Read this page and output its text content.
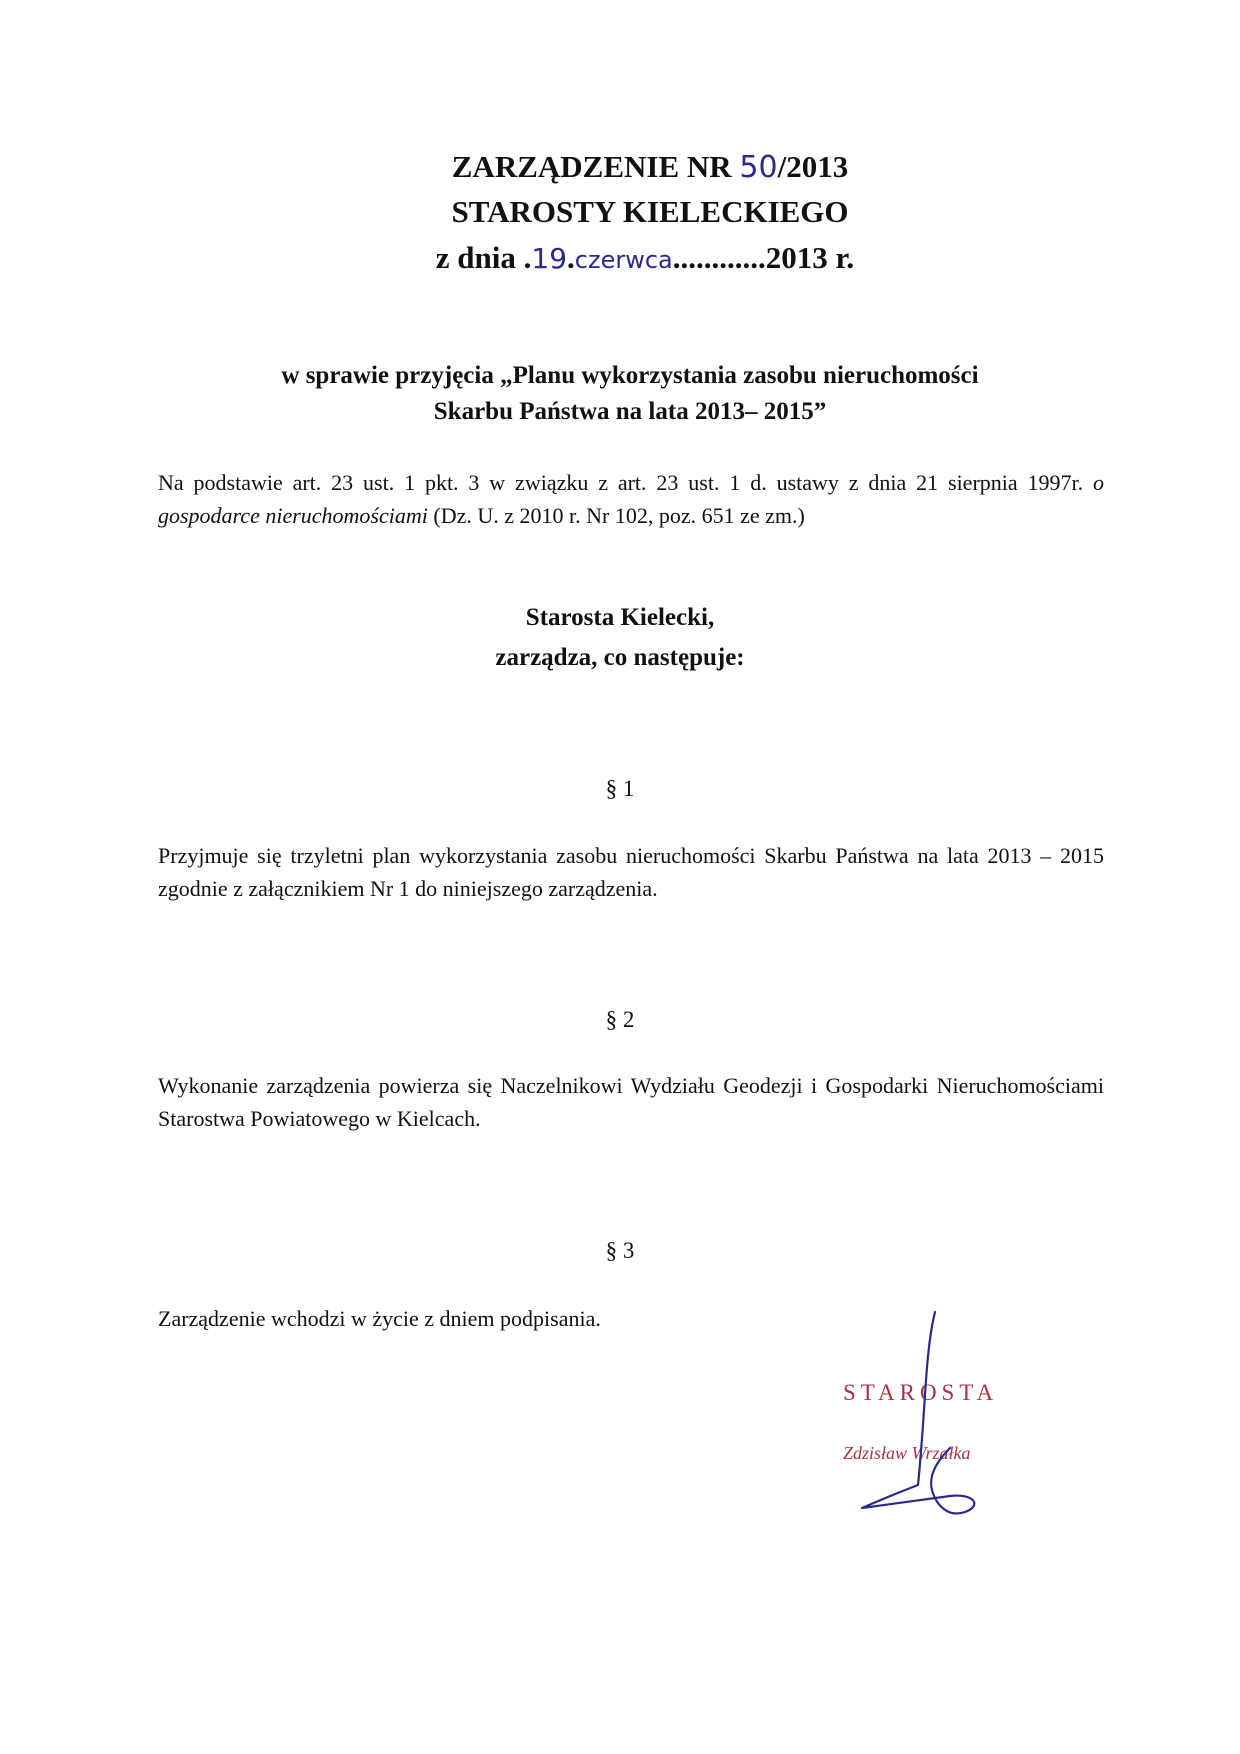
ZARZĄDZENIE NR 50/2013
STAROSTY KIELECKIEGO
z dnia .19.czerwca............2013 r.
w sprawie przyjęcia „Planu wykorzystania zasobu nieruchomości
Skarbu Państwa na lata 2013– 2015”
Na podstawie art. 23 ust. 1 pkt. 3 w związku z art. 23 ust. 1 d. ustawy z dnia 21 sierpnia 1997r. o gospodarce nieruchomościami (Dz. U. z 2010 r. Nr 102, poz. 651 ze zm.)
Starosta Kielecki,
zarządza, co następuje:
§ 1
Przyjmuje się trzyletni plan wykorzystania zasobu nieruchomości Skarbu Państwa na lata 2013 – 2015 zgodnie z załącznikiem Nr 1 do niniejszego zarządzenia.
§ 2
Wykonanie zarządzenia powierza się Naczelnikowi Wydziału Geodezji i Gospodarki Nieruchomościami Starostwa Powiatowego w Kielcach.
§ 3
Zarządzenie wchodzi w życie z dniem podpisania.
STAROSTA
Zdzisław Wrzałka
